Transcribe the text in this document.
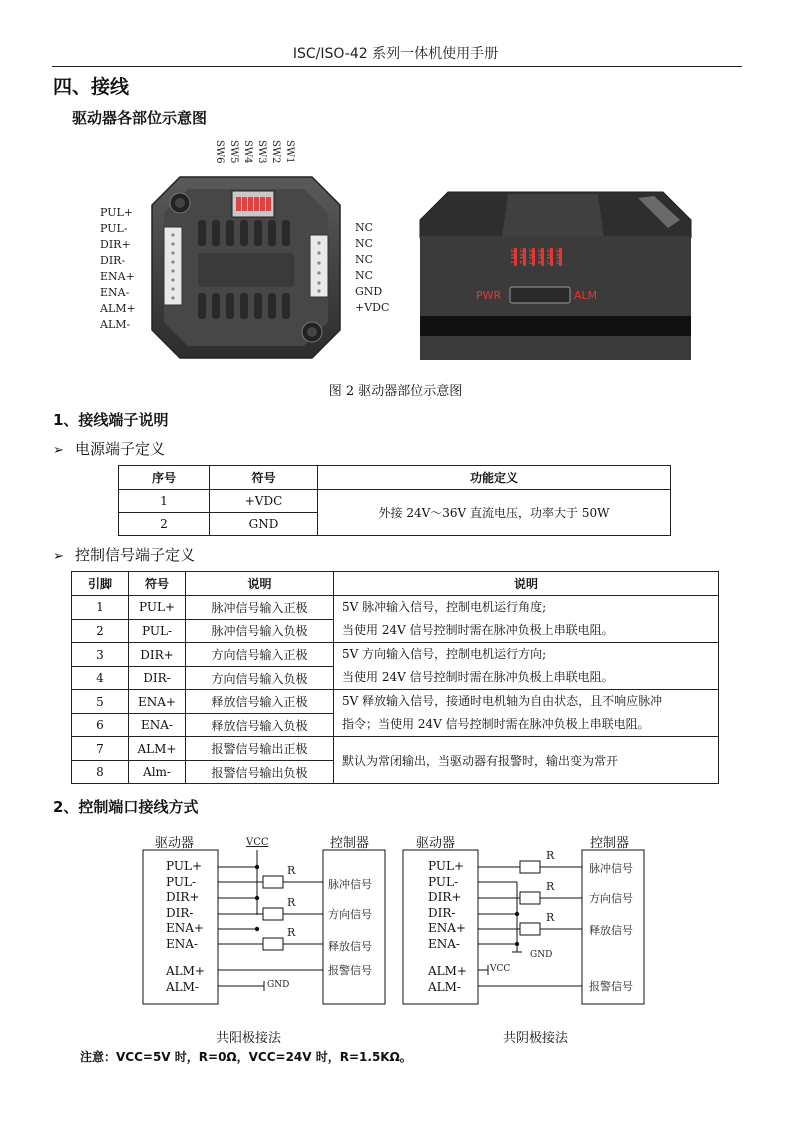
ISC/ISO-42 系列一体机使用手册
四、接线
驱动器各部位示意图
SW6 SW5 SW4 SW3 SW2 SW1
PUL+
PUL-
DIR+
DIR-
ENA+
ENA-
ALM+
ALM-
NC
NC
NC
NC
GND
+VDC
SW1 SW2 SW3 SW4 SW5 SW6
PWR	ALM
图 2 驱动器部位示意图
1、接线端子说明
➢ 电源端子定义
序号	符号	功能定义
1	+VDC	外接 24V～36V 直流电压，功率大于 50W
2	GND	
➢ 控制信号端子定义
引脚	符号	说明	说明
1	PUL+	脉冲信号输入正极	5V 脉冲输入信号，控制电机运行角度;
当使用 24V 信号控制时需在脉冲负极上串联电阻。

2	PUL-	脉冲信号输入负极	
3	DIR+	方向信号输入正极	5V 方向输入信号，控制电机运行方向;
当使用 24V 信号控制时需在脉冲负极上串联电阻。

4	DIR-	方向信号输入负极	
5	ENA+	释放信号输入正极	5V 释放输入信号，接通时电机轴为自由状态，且不响应脉冲
指令；当使用 24V 信号控制时需在脉冲负极上串联电阻。

6	ENA-	释放信号输入负极	
7	ALM+	报警信号输出正极	默认为常闭输出，当驱动器有报警时，输出变为常开

8	Alm-	报警信号输出负极	
2、控制端口接线方式
驱动器	控制器
VCC
PUL+
PUL-
DIR+
DIR-
ENA+
ENA-
ALM+
ALM-
R
R
R
GND
脉冲信号
方向信号
释放信号
报警信号
驱动器	控制器
PUL+
PUL-
DIR+
DIR-
ENA+
ENA-
ALM+
ALM-
R
R
R
GND
VCC
脉冲信号
方向信号
释放信号
报警信号
共阳极接法	共阴极接法
注意：VCC=5V 时，R=0Ω，VCC=24V 时，R=1.5KΩ。
